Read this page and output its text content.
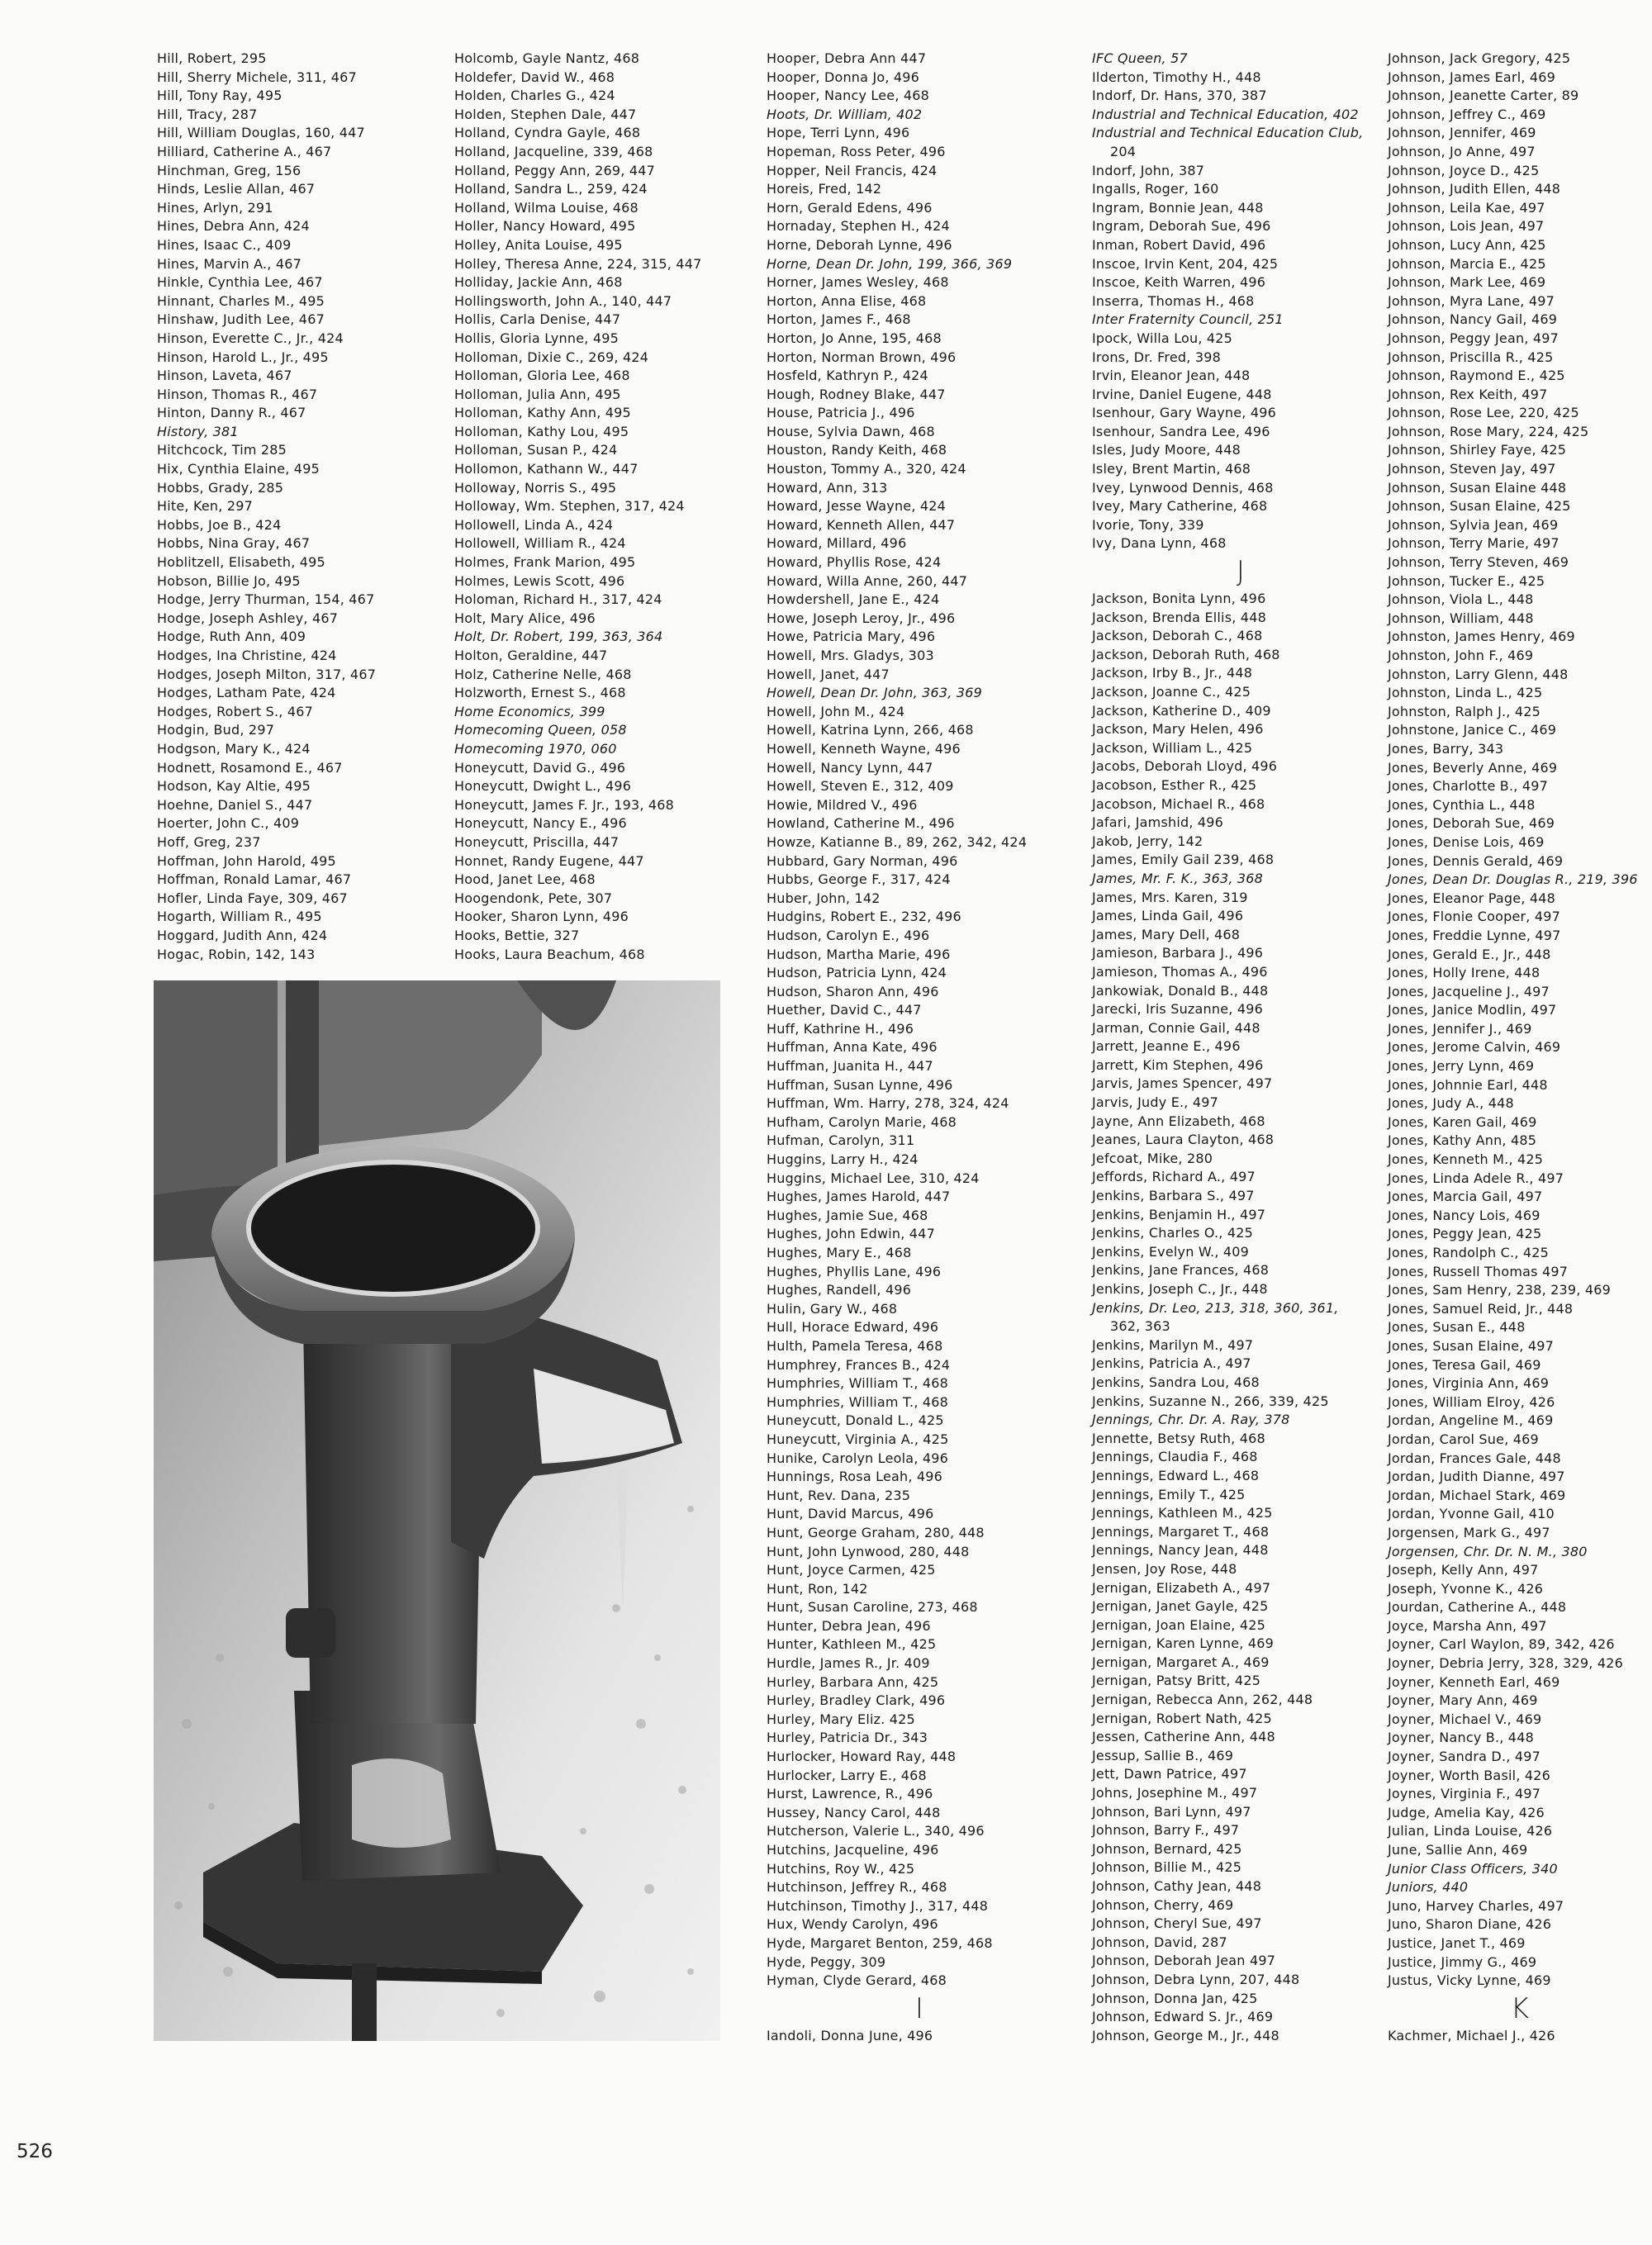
Hill, Robert, 295
Hill, Sherry Michele, 311, 467
Hill, Tony Ray, 495
Hill, Tracy, 287
Hill, William Douglas, 160, 447
Hilliard, Catherine A., 467
Hinchman, Greg, 156
Hinds, Leslie Allan, 467
Hines, Arlyn, 291
Hines, Debra Ann, 424
Hines, Isaac C., 409
Hines, Marvin A., 467
Hinkle, Cynthia Lee, 467
Hinnant, Charles M., 495
Hinshaw, Judith Lee, 467
Hinson, Everette C., Jr., 424
Hinson, Harold L., Jr., 495
Hinson, Laveta, 467
Hinson, Thomas R., 467
Hinton, Danny R., 467
History, 381
Hitchcock, Tim 285
Hix, Cynthia Elaine, 495
Hobbs, Grady, 285
Hite, Ken, 297
Hobbs, Joe B., 424
Hobbs, Nina Gray, 467
Hoblitzell, Elisabeth, 495
Hobson, Billie Jo, 495
Hodge, Jerry Thurman, 154, 467
Hodge, Joseph Ashley, 467
Hodge, Ruth Ann, 409
Hodges, Ina Christine, 424
Hodges, Joseph Milton, 317, 467
Hodges, Latham Pate, 424
Hodges, Robert S., 467
Hodgin, Bud, 297
Hodgson, Mary K., 424
Hodnett, Rosamond E., 467
Hodson, Kay Altie, 495
Hoehne, Daniel S., 447
Hoerter, John C., 409
Hoff, Greg, 237
Hoffman, John Harold, 495
Hoffman, Ronald Lamar, 467
Hofler, Linda Faye, 309, 467
Hogarth, William R., 495
Hoggard, Judith Ann, 424
Hogac, Robin, 142, 143
Holcomb, Gayle Nantz, 468
Holdefer, David W., 468
Holden, Charles G., 424
Holden, Stephen Dale, 447
Holland, Cyndra Gayle, 468
Holland, Jacqueline, 339, 468
Holland, Peggy Ann, 269, 447
Holland, Sandra L., 259, 424
Holland, Wilma Louise, 468
Holler, Nancy Howard, 495
Holley, Anita Louise, 495
Holley, Theresa Anne, 224, 315, 447
Holliday, Jackie Ann, 468
Hollingsworth, John A., 140, 447
Hollis, Carla Denise, 447
Hollis, Gloria Lynne, 495
Holloman, Dixie C., 269, 424
Holloman, Gloria Lee, 468
Holloman, Julia Ann, 495
Holloman, Kathy Ann, 495
Holloman, Kathy Lou, 495
Holloman, Susan P., 424
Hollomon, Kathann W., 447
Holloway, Norris S., 495
Holloway, Wm. Stephen, 317, 424
Hollowell, Linda A., 424
Hollowell, William R., 424
Holmes, Frank Marion, 495
Holmes, Lewis Scott, 496
Holoman, Richard H., 317, 424
Holt, Mary Alice, 496
Holt, Dr. Robert, 199, 363, 364
Holton, Geraldine, 447
Holz, Catherine Nelle, 468
Holzworth, Ernest S., 468
Home Economics, 399
Homecoming Queen, 058
Homecoming 1970, 060
Honeycutt, David G., 496
Honeycutt, Dwight L., 496
Honeycutt, James F. Jr., 193, 468
Honeycutt, Nancy E., 496
Honeycutt, Priscilla, 447
Honnet, Randy Eugene, 447
Hood, Janet Lee, 468
Hoogendonk, Pete, 307
Hooker, Sharon Lynn, 496
Hooks, Bettie, 327
Hooks, Laura Beachum, 468
Hooper, Debra Ann 447
Hooper, Donna Jo, 496
Hooper, Nancy Lee, 468
Hoots, Dr. William, 402
Hope, Terri Lynn, 496
Hopeman, Ross Peter, 496
Hopper, Neil Francis, 424
Horeis, Fred, 142
Horn, Gerald Edens, 496
Hornaday, Stephen H., 424
Horne, Deborah Lynne, 496
Horne, Dean Dr. John, 199, 366, 369
Horner, James Wesley, 468
Horton, Anna Elise, 468
Horton, James F., 468
Horton, Jo Anne, 195, 468
Horton, Norman Brown, 496
Hosfeld, Kathryn P., 424
Hough, Rodney Blake, 447
House, Patricia J., 496
House, Sylvia Dawn, 468
Houston, Randy Keith, 468
Houston, Tommy A., 320, 424
Howard, Ann, 313
Howard, Jesse Wayne, 424
Howard, Kenneth Allen, 447
Howard, Millard, 496
Howard, Phyllis Rose, 424
Howard, Willa Anne, 260, 447
Howdershell, Jane E., 424
Howe, Joseph Leroy, Jr., 496
Howe, Patricia Mary, 496
Howell, Mrs. Gladys, 303
Howell, Janet, 447
Howell, Dean Dr. John, 363, 369
Howell, John M., 424
Howell, Katrina Lynn, 266, 468
Howell, Kenneth Wayne, 496
Howell, Nancy Lynn, 447
Howell, Steven E., 312, 409
Howie, Mildred V., 496
Howland, Catherine M., 496
Howze, Katianne B., 89, 262, 342, 424
Hubbard, Gary Norman, 496
Hubbs, George F., 317, 424
Huber, John, 142
Hudgins, Robert E., 232, 496
Hudson, Carolyn E., 496
Hudson, Martha Marie, 496
Hudson, Patricia Lynn, 424
Hudson, Sharon Ann, 496
Huether, David C., 447
Huff, Kathrine H., 496
Huffman, Anna Kate, 496
Huffman, Juanita H., 447
Huffman, Susan Lynne, 496
Huffman, Wm. Harry, 278, 324, 424
Hufham, Carolyn Marie, 468
Hufman, Carolyn, 311
Huggins, Larry H., 424
Huggins, Michael Lee, 310, 424
Hughes, James Harold, 447
Hughes, Jamie Sue, 468
Hughes, John Edwin, 447
Hughes, Mary E., 468
Hughes, Phyllis Lane, 496
Hughes, Randell, 496
Hulin, Gary W., 468
Hull, Horace Edward, 496
Hulth, Pamela Teresa, 468
Humphrey, Frances B., 424
Humphries, William T., 468
Humphries, William T., 468
Huneycutt, Donald L., 425
Huneycutt, Virginia A., 425
Hunike, Carolyn Leola, 496
Hunnings, Rosa Leah, 496
Hunt, Rev. Dana, 235
Hunt, David Marcus, 496
Hunt, George Graham, 280, 448
Hunt, John Lynwood, 280, 448
Hunt, Joyce Carmen, 425
Hunt, Ron, 142
Hunt, Susan Caroline, 273, 468
Hunter, Debra Jean, 496
Hunter, Kathleen M., 425
Hurdle, James R., Jr. 409
Hurley, Barbara Ann, 425
Hurley, Bradley Clark, 496
Hurley, Mary Eliz. 425
Hurley, Patricia Dr., 343
Hurlocker, Howard Ray, 448
Hurlocker, Larry E., 468
Hurst, Lawrence, R., 496
Hussey, Nancy Carol, 448
Hutcherson, Valerie L., 340, 496
Hutchins, Jacqueline, 496
Hutchins, Roy W., 425
Hutchinson, Jeffrey R., 468
Hutchinson, Timothy J., 317, 448
Hux, Wendy Carolyn, 496
Hyde, Margaret Benton, 259, 468
Hyde, Peggy, 309
Hyman, Clyde Gerard, 468
I
Iandoli, Donna June, 496
IFC Queen, 57
Ilderton, Timothy H., 448
Indorf, Dr. Hans, 370, 387
Industrial and Technical Education, 402
Industrial and Technical Education Club,
204
Indorf, John, 387
Ingalls, Roger, 160
Ingram, Bonnie Jean, 448
Ingram, Deborah Sue, 496
Inman, Robert David, 496
Inscoe, Irvin Kent, 204, 425
Inscoe, Keith Warren, 496
Inserra, Thomas H., 468
Inter Fraternity Council, 251
Ipock, Willa Lou, 425
Irons, Dr. Fred, 398
Irvin, Eleanor Jean, 448
Irvine, Daniel Eugene, 448
Isenhour, Gary Wayne, 496
Isenhour, Sandra Lee, 496
Isles, Judy Moore, 448
Isley, Brent Martin, 468
Ivey, Lynwood Dennis, 468
Ivey, Mary Catherine, 468
Ivorie, Tony, 339
Ivy, Dana Lynn, 468
J
Jackson, Bonita Lynn, 496
Jackson, Brenda Ellis, 448
Jackson, Deborah C., 468
Jackson, Deborah Ruth, 468
Jackson, Irby B., Jr., 448
Jackson, Joanne C., 425
Jackson, Katherine D., 409
Jackson, Mary Helen, 496
Jackson, William L., 425
Jacobs, Deborah Lloyd, 496
Jacobson, Esther R., 425
Jacobson, Michael R., 468
Jafari, Jamshid, 496
Jakob, Jerry, 142
James, Emily Gail 239, 468
James, Mr. F. K., 363, 368
James, Mrs. Karen, 319
James, Linda Gail, 496
James, Mary Dell, 468
Jamieson, Barbara J., 496
Jamieson, Thomas A., 496
Jankowiak, Donald B., 448
Jarecki, Iris Suzanne, 496
Jarman, Connie Gail, 448
Jarrett, Jeanne E., 496
Jarrett, Kim Stephen, 496
Jarvis, James Spencer, 497
Jarvis, Judy E., 497
Jayne, Ann Elizabeth, 468
Jeanes, Laura Clayton, 468
Jefcoat, Mike, 280
Jeffords, Richard A., 497
Jenkins, Barbara S., 497
Jenkins, Benjamin H., 497
Jenkins, Charles O., 425
Jenkins, Evelyn W., 409
Jenkins, Jane Frances, 468
Jenkins, Joseph C., Jr., 448
Jenkins, Dr. Leo, 213, 318, 360, 361,
362, 363
Jenkins, Marilyn M., 497
Jenkins, Patricia A., 497
Jenkins, Sandra Lou, 468
Jenkins, Suzanne N., 266, 339, 425
Jennings, Chr. Dr. A. Ray, 378
Jennette, Betsy Ruth, 468
Jennings, Claudia F., 468
Jennings, Edward L., 468
Jennings, Emily T., 425
Jennings, Kathleen M., 425
Jennings, Margaret T., 468
Jennings, Nancy Jean, 448
Jensen, Joy Rose, 448
Jernigan, Elizabeth A., 497
Jernigan, Janet Gayle, 425
Jernigan, Joan Elaine, 425
Jernigan, Karen Lynne, 469
Jernigan, Margaret A., 469
Jernigan, Patsy Britt, 425
Jernigan, Rebecca Ann, 262, 448
Jernigan, Robert Nath, 425
Jessen, Catherine Ann, 448
Jessup, Sallie B., 469
Jett, Dawn Patrice, 497
Johns, Josephine M., 497
Johnson, Bari Lynn, 497
Johnson, Barry F., 497
Johnson, Bernard, 425
Johnson, Billie M., 425
Johnson, Cathy Jean, 448
Johnson, Cherry, 469
Johnson, Cheryl Sue, 497
Johnson, David, 287
Johnson, Deborah Jean 497
Johnson, Debra Lynn, 207, 448
Johnson, Donna Jan, 425
Johnson, Edward S. Jr., 469
Johnson, George M., Jr., 448
Johnson, Jack Gregory, 425
Johnson, James Earl, 469
Johnson, Jeanette Carter, 89
Johnson, Jeffrey C., 469
Johnson, Jennifer, 469
Johnson, Jo Anne, 497
Johnson, Joyce D., 425
Johnson, Judith Ellen, 448
Johnson, Leila Kae, 497
Johnson, Lois Jean, 497
Johnson, Lucy Ann, 425
Johnson, Marcia E., 425
Johnson, Mark Lee, 469
Johnson, Myra Lane, 497
Johnson, Nancy Gail, 469
Johnson, Peggy Jean, 497
Johnson, Priscilla R., 425
Johnson, Raymond E., 425
Johnson, Rex Keith, 497
Johnson, Rose Lee, 220, 425
Johnson, Rose Mary, 224, 425
Johnson, Shirley Faye, 425
Johnson, Steven Jay, 497
Johnson, Susan Elaine 448
Johnson, Susan Elaine, 425
Johnson, Sylvia Jean, 469
Johnson, Terry Marie, 497
Johnson, Terry Steven, 469
Johnson, Tucker E., 425
Johnson, Viola L., 448
Johnson, William, 448
Johnston, James Henry, 469
Johnston, John F., 469
Johnston, Larry Glenn, 448
Johnston, Linda L., 425
Johnston, Ralph J., 425
Johnstone, Janice C., 469
Jones, Barry, 343
Jones, Beverly Anne, 469
Jones, Charlotte B., 497
Jones, Cynthia L., 448
Jones, Deborah Sue, 469
Jones, Denise Lois, 469
Jones, Dennis Gerald, 469
Jones, Dean Dr. Douglas R., 219, 396
Jones, Eleanor Page, 448
Jones, Flonie Cooper, 497
Jones, Freddie Lynne, 497
Jones, Gerald E., Jr., 448
Jones, Holly Irene, 448
Jones, Jacqueline J., 497
Jones, Janice Modlin, 497
Jones, Jennifer J., 469
Jones, Jerome Calvin, 469
Jones, Jerry Lynn, 469
Jones, Johnnie Earl, 448
Jones, Judy A., 448
Jones, Karen Gail, 469
Jones, Kathy Ann, 485
Jones, Kenneth M., 425
Jones, Linda Adele R., 497
Jones, Marcia Gail, 497
Jones, Nancy Lois, 469
Jones, Peggy Jean, 425
Jones, Randolph C., 425
Jones, Russell Thomas 497
Jones, Sam Henry, 238, 239, 469
Jones, Samuel Reid, Jr., 448
Jones, Susan E., 448
Jones, Susan Elaine, 497
Jones, Teresa Gail, 469
Jones, Virginia Ann, 469
Jones, William Elroy, 426
Jordan, Angeline M., 469
Jordan, Carol Sue, 469
Jordan, Frances Gale, 448
Jordan, Judith Dianne, 497
Jordan, Michael Stark, 469
Jordan, Yvonne Gail, 410
Jorgensen, Mark G., 497
Jorgensen, Chr. Dr. N. M., 380
Joseph, Kelly Ann, 497
Joseph, Yvonne K., 426
Jourdan, Catherine A., 448
Joyce, Marsha Ann, 497
Joyner, Carl Waylon, 89, 342, 426
Joyner, Debria Jerry, 328, 329, 426
Joyner, Kenneth Earl, 469
Joyner, Mary Ann, 469
Joyner, Michael V., 469
Joyner, Nancy B., 448
Joyner, Sandra D., 497
Joyner, Worth Basil, 426
Joynes, Virginia F., 497
Judge, Amelia Kay, 426
Julian, Linda Louise, 426
June, Sallie Ann, 469
Junior Class Officers, 340
Juniors, 440
Juno, Harvey Charles, 497
Juno, Sharon Diane, 426
Justice, Janet T., 469
Justice, Jimmy G., 469
Justus, Vicky Lynne, 469
K
Kachmer, Michael J., 426
526
